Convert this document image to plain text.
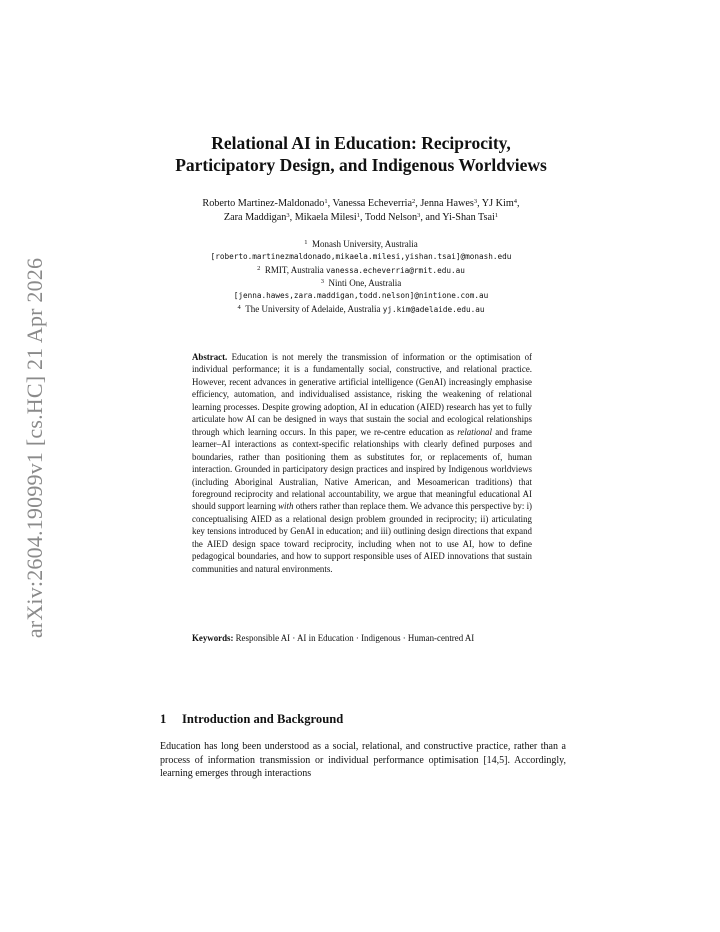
arXiv:2604.19099v1 [cs.HC] 21 Apr 2026
Relational AI in Education: Reciprocity,
Participatory Design, and Indigenous Worldviews
Roberto Martinez-Maldonado$^1$, Vanessa Echeverria$^2$, Jenna Hawes$^3$, YJ Kim$^4$,
Zara Maddigan$^3$, Mikaela Milesi$^1$, Todd Nelson$^3$, and Yi-Shan Tsai$^1$
$^1$ Monash University, Australia
[roberto.martinezmaldonado,mikaela.milesi,yishan.tsai]@monash.edu
$^2$ RMIT, Australia vanessa.echeverria@rmit.edu.au
$^3$ Ninti One, Australia
[jenna.hawes,zara.maddigan,todd.nelson]@nintione.com.au
$^4$ The University of Adelaide, Australia yj.kim@adelaide.edu.au
Abstract. Education is not merely the transmission of information or the optimisation of individual performance; it is a fundamentally social, constructive, and relational practice. However, recent advances in generative artificial intelligence (GenAI) increasingly emphasise efficiency, automation, and individualised assistance, risking the weakening of relational learning processes. Despite growing adoption, AI in education (AIED) research has yet to fully articulate how AI can be designed in ways that sustain the social and ecological relationships through which learning occurs. In this paper, we re-centre education as relational and frame learner–AI interactions as context-specific relationships with clearly defined purposes and boundaries, rather than positioning them as substitutes for, or replacements of, human interaction. Grounded in participatory design practices and inspired by Indigenous worldviews (including Aboriginal Australian, Native American, and Mesoamerican traditions) that foreground reciprocity and relational accountability, we argue that meaningful educational AI should support learning with others rather than replace them. We advance this perspective by: i) conceptualising AIED as a relational design problem grounded in reciprocity; ii) articulating key tensions introduced by GenAI in education; and iii) outlining design directions that expand the AIED design space toward reciprocity, including when not to use AI, how to define pedagogical boundaries, and how to support responsible uses of AIED innovations that sustain communities and natural environments.
Keywords: Responsible AI · AI in Education · Indigenous · Human-centred AI
1 Introduction and Background
Education has long been understood as a social, relational, and constructive practice, rather than a process of information transmission or individual performance optimisation [14,5]. Accordingly, learning emerges through interactions
